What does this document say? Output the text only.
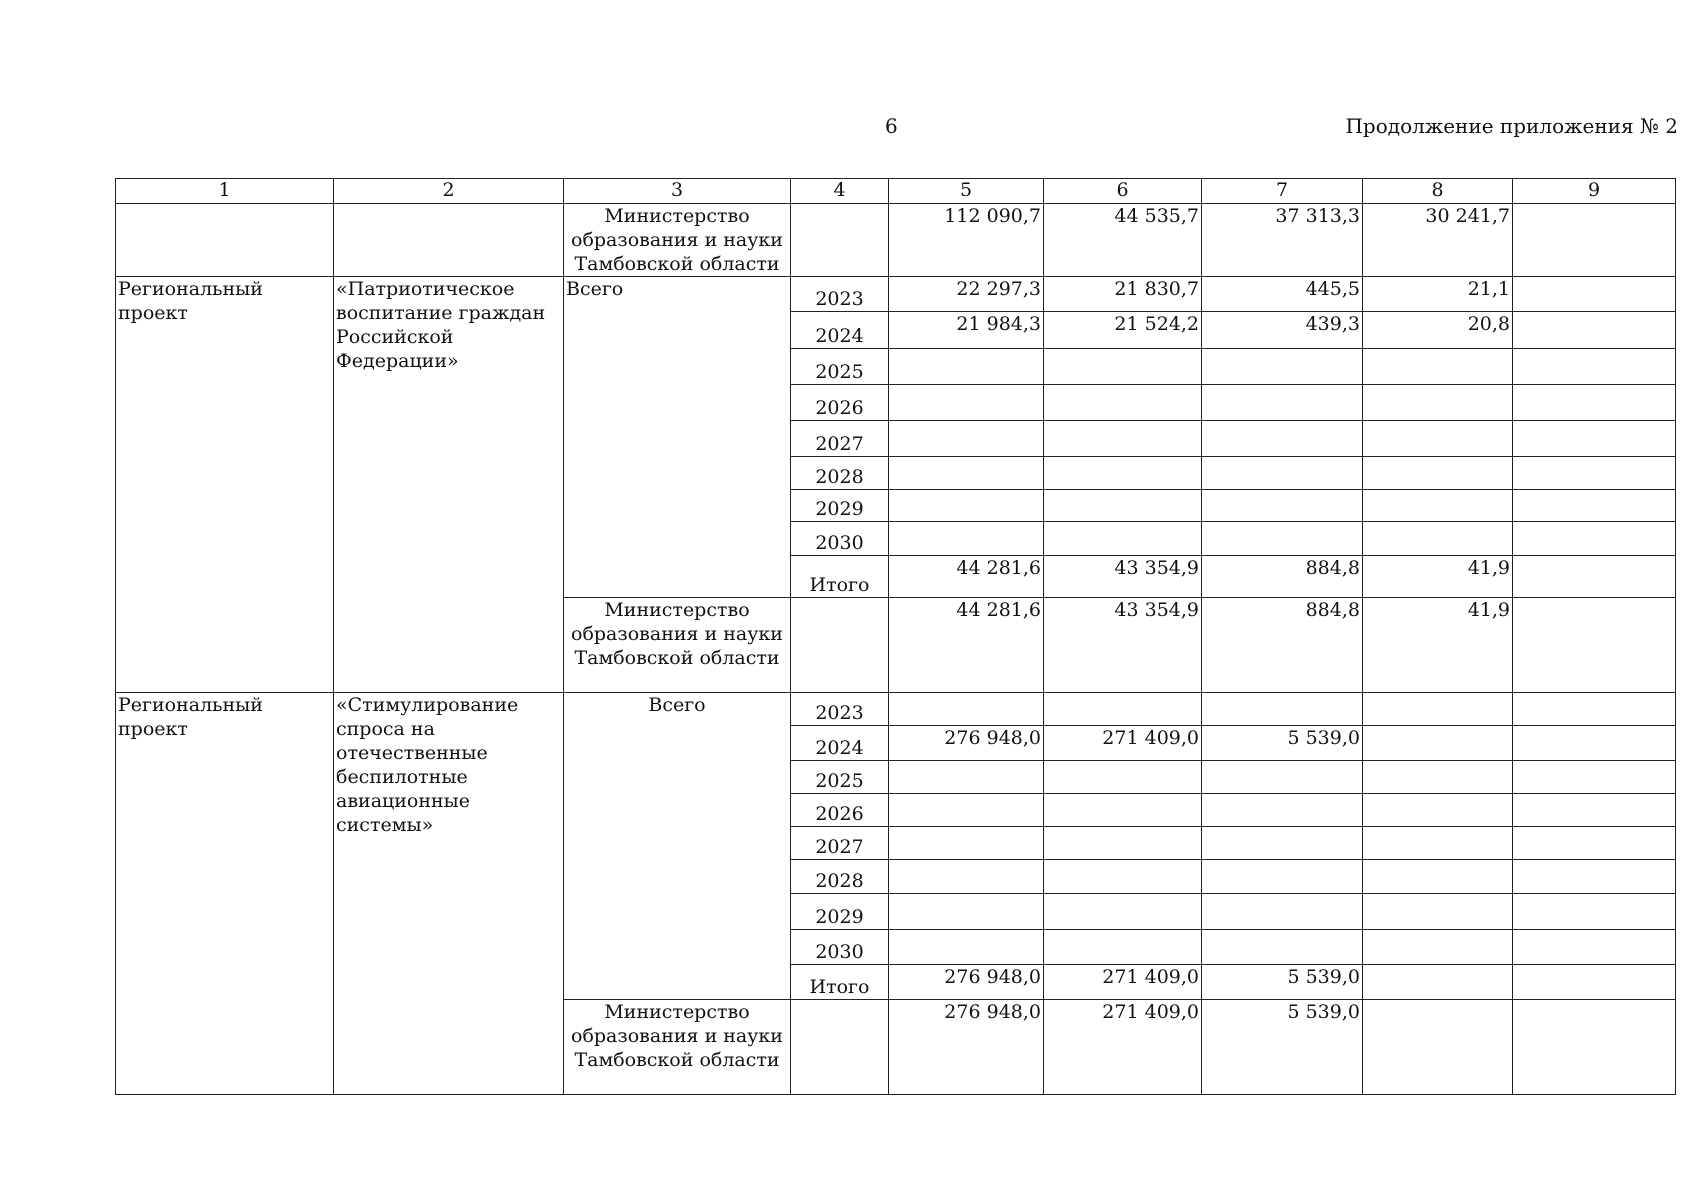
6	Продолжение приложения № 2
1	2	3	4	5	6	7	8	9
		Министерство образования и науки Тамбовской области		112 090,7	44 535,7	37 313,3	30 241,7	
Региональный проект	«Патриотическое воспитание граждан Российской Федерации»	Всего	2023	22 297,3	21 830,7	445,5	21,1	
			2024	21 984,3	21 524,2	439,3	20,8	
			2025					
			2026					
			2027					
			2028					
			2029					
			2030					
			Итого	44 281,6	43 354,9	884,8	41,9	
		Министерство образования и науки Тамбовской области		44 281,6	43 354,9	884,8	41,9	
Региональный проект	«Стимулирование спроса на отечественные беспилотные авиационные системы»	Всего	2023					
			2024	276 948,0	271 409,0	5 539,0		
			2025					
			2026					
			2027					
			2028					
			2029					
			2030					
			Итого	276 948,0	271 409,0	5 539,0		
		Министерство образования и науки Тамбовской области		276 948,0	271 409,0	5 539,0		
